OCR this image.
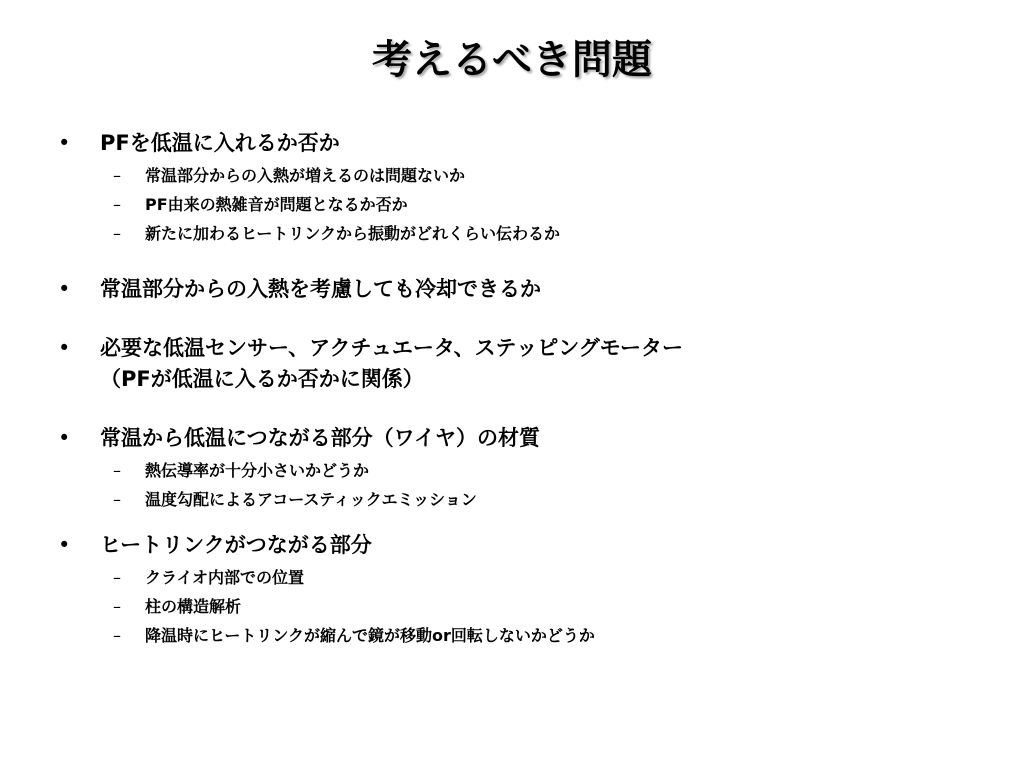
考えるべき問題
•	PFを低温に入れるか否か
– 常温部分からの入熱が増えるのは問題ないか
– PF由来の熱雑音が問題となるか否か
– 新たに加わるヒートリンクから振動がどれくらい伝わるか
•	常温部分からの入熱を考慮しても冷却できるか
•	必要な低温センサー、アクチュエータ、ステッピングモーター
（PFが低温に入るか否かに関係）
•	常温から低温につながる部分（ワイヤ）の材質
– 熱伝導率が十分小さいかどうか
– 温度勾配によるアコースティックエミッション
•	ヒートリンクがつながる部分
– クライオ内部での位置
– 柱の構造解析
– 降温時にヒートリンクが縮んで鏡が移動or回転しないかどうか
